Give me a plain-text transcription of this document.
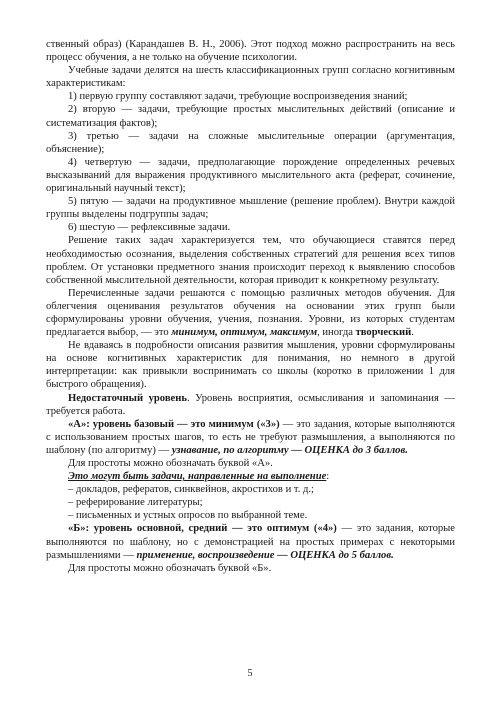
ственный образ) (Карандашев В. Н., 2006). Этот подход можно распространить на весь процесс обучения, а не только на обучение психологии.

Учебные задачи делятся на шесть классификационных групп согласно когнитивным характеристикам:

1) первую группу составляют задачи, требующие воспроизведения знаний;

2) вторую — задачи, требующие простых мыслительных действий (описание и систематизация фактов);

3) третью — задачи на сложные мыслительные операции (аргументация, объяснение);

4) четвертую — задачи, предполагающие порождение определенных речевых высказываний для выражения продуктивного мыслительного акта (реферат, сочинение, оригинальный научный текст);

5) пятую — задачи на продуктивное мышление (решение проблем). Внутри каждой группы выделены подгруппы задач;

6) шестую — рефлексивные задачи.

Решение таких задач характеризуется тем, что обучающиеся ставятся перед необходимостью осознания, выделения собственных стратегий для решения всех типов проблем. От установки предметного знания происходит переход к выявлению способов собственной мыслительной деятельности, которая приводит к конкретному результату.

Перечисленные задачи решаются с помощью различных методов обучения. Для облегчения оценивания результатов обучения на основании этих групп были сформулированы уровни обучения, учения, познания. Уровни, из которых студентам предлагается выбор, — это минимум, оптимум, максимум, иногда творческий.

Не вдаваясь в подробности описания развития мышления, уровни сформулированы на основе когнитивных характеристик для понимания, но немного в другой интерпретации: как привыкли воспринимать со школы (коротко в приложении 1 для быстрого обращения).

Недостаточный уровень. Уровень восприятия, осмысливания и запоминания — требуется работа.

«А»: уровень базовый — это минимум («3») — это задания, которые выполняются с использованием простых шагов, то есть не требуют размышления, а выполняются по шаблону (по алгоритму) — узнавание, по алгоритму — ОЦЕНКА до 3 баллов.

Для простоты можно обозначать буквой «А».

Это могут быть задачи, направленные на выполнение:

– докладов, рефератов, синквейнов, акростихов и т. д.;

– реферирование литературы;

– письменных и устных опросов по выбранной теме.

«Б»: уровень основной, средний — это оптимум («4») — это задания, которые выполняются по шаблону, но с демонстрацией на простых примерах с некоторыми размышлениями — применение, воспроизведение — ОЦЕНКА до 5 баллов.

Для простоты можно обозначать буквой «Б».

5
